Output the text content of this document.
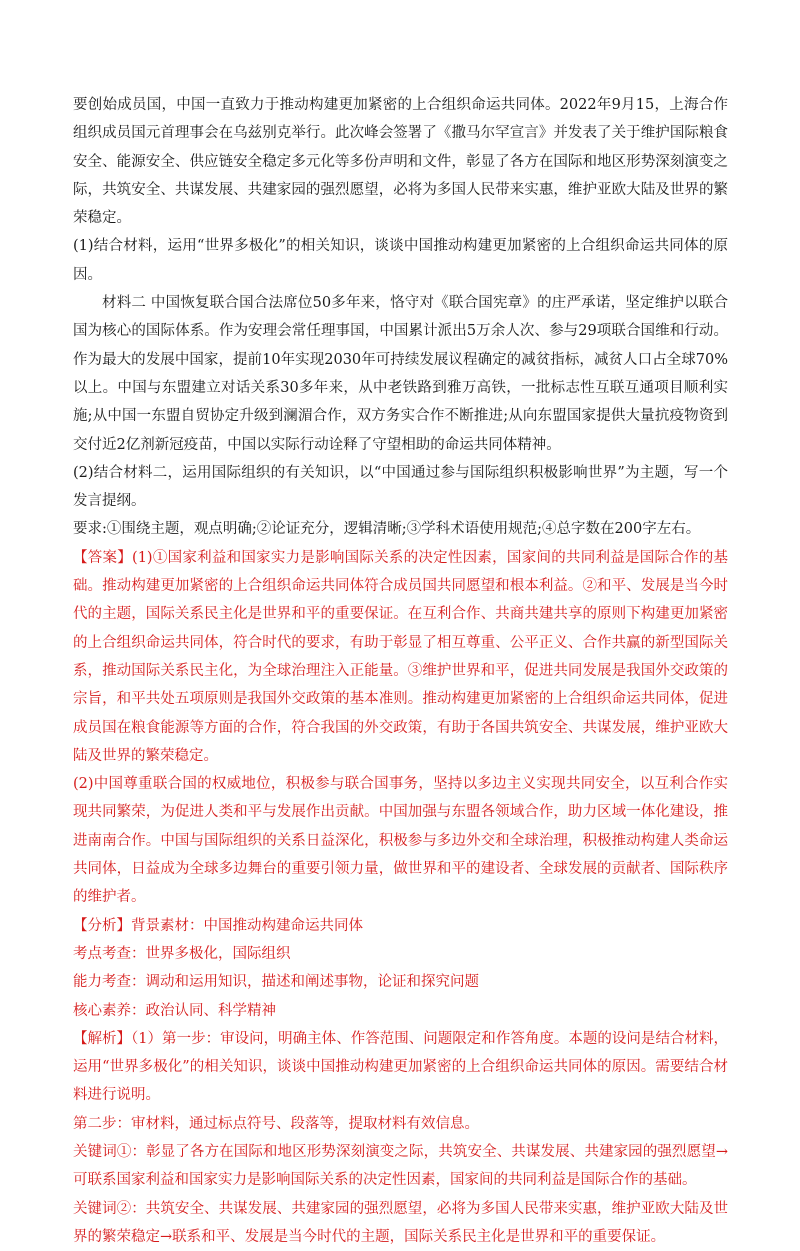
要创始成员国，中国一直致力于推动构建更加紧密的上合组织命运共同体。2022年9月15，上海合作组织成员国元首理事会在乌兹别克举行。此次峰会签署了《撒马尔罕宣言》并发表了关于维护国际粮食安全、能源安全、供应链安全稳定多元化等多份声明和文件，彰显了各方在国际和地区形势深刻演变之际，共筑安全、共谋发展、共建家园的强烈愿望，必将为多国人民带来实惠，维护亚欧大陆及世界的繁荣稳定。

(1)结合材料，运用“世界多极化”的相关知识，谈谈中国推动构建更加紧密的上合组织命运共同体的原因。

材料二 中国恢复联合国合法席位50多年来，恪守对《联合国宪章》的庄严承诺，坚定维护以联合国为核心的国际体系。作为安理会常任理事国，中国累计派出5万余人次、参与29项联合国维和行动。作为最大的发展中国家，提前10年实现2030年可持续发展议程确定的减贫指标，减贫人口占全球70%以上。中国与东盟建立对话关系30多年来，从中老铁路到雅万高铁，一批标志性互联互通项目顺利实施;从中国一东盟自贸协定升级到澜湄合作，双方务实合作不断推进;从向东盟国家提供大量抗疫物资到交付近2亿剂新冠疫苗，中国以实际行动诠释了守望相助的命运共同体精神。

(2)结合材料二，运用国际组织的有关知识，以“中国通过参与国际组织积极影响世界”为主题，写一个发言提纲。

要求:①围绕主题，观点明确;②论证充分，逻辑清晰;③学科术语使用规范;④总字数在200字左右。

【答案】(1)①国家利益和国家实力是影响国际关系的决定性因素，国家间的共同利益是国际合作的基础。推动构建更加紧密的上合组织命运共同体符合成员国共同愿望和根本利益。②和平、发展是当今时代的主题，国际关系民主化是世界和平的重要保证。在互利合作、共商共建共享的原则下构建更加紧密的上合组织命运共同体，符合时代的要求，有助于彰显了相互尊重、公平正义、合作共赢的新型国际关系，推动国际关系民主化，为全球治理注入正能量。③维护世界和平，促进共同发展是我国外交政策的宗旨，和平共处五项原则是我国外交政策的基本准则。推动构建更加紧密的上合组织命运共同体，促进成员国在粮食能源等方面的合作，符合我国的外交政策，有助于各国共筑安全、共谋发展，维护亚欧大陆及世界的繁荣稳定。

(2)中国尊重联合国的权威地位，积极参与联合国事务，坚持以多边主义实现共同安全，以互利合作实现共同繁荣，为促进人类和平与发展作出贡献。中国加强与东盟各领域合作，助力区域一体化建设，推进南南合作。中国与国际组织的关系日益深化，积极参与多边外交和全球治理，积极推动构建人类命运共同体，日益成为全球多边舞台的重要引领力量，做世界和平的建设者、全球发展的贡献者、国际秩序的维护者。

【分析】背景素材：中国推动构建命运共同体

考点考查：世界多极化，国际组织

能力考查：调动和运用知识，描述和阐述事物，论证和探究问题

核心素养：政治认同、科学精神

【解析】（1）第一步：审设问，明确主体、作答范围、问题限定和作答角度。本题的设问是结合材料，运用“世界多极化”的相关知识，谈谈中国推动构建更加紧密的上合组织命运共同体的原因。需要结合材料进行说明。

第二步：审材料，通过标点符号、段落等，提取材料有效信息。

关键词①：彰显了各方在国际和地区形势深刻演变之际，共筑安全、共谋发展、共建家园的强烈愿望→可联系国家利益和国家实力是影响国际关系的决定性因素，国家间的共同利益是国际合作的基础。

关键词②：共筑安全、共谋发展、共建家园的强烈愿望，必将为多国人民带来实惠，维护亚欧大陆及世界的繁荣稳定→联系和平、发展是当今时代的主题，国际关系民主化是世界和平的重要保证。
